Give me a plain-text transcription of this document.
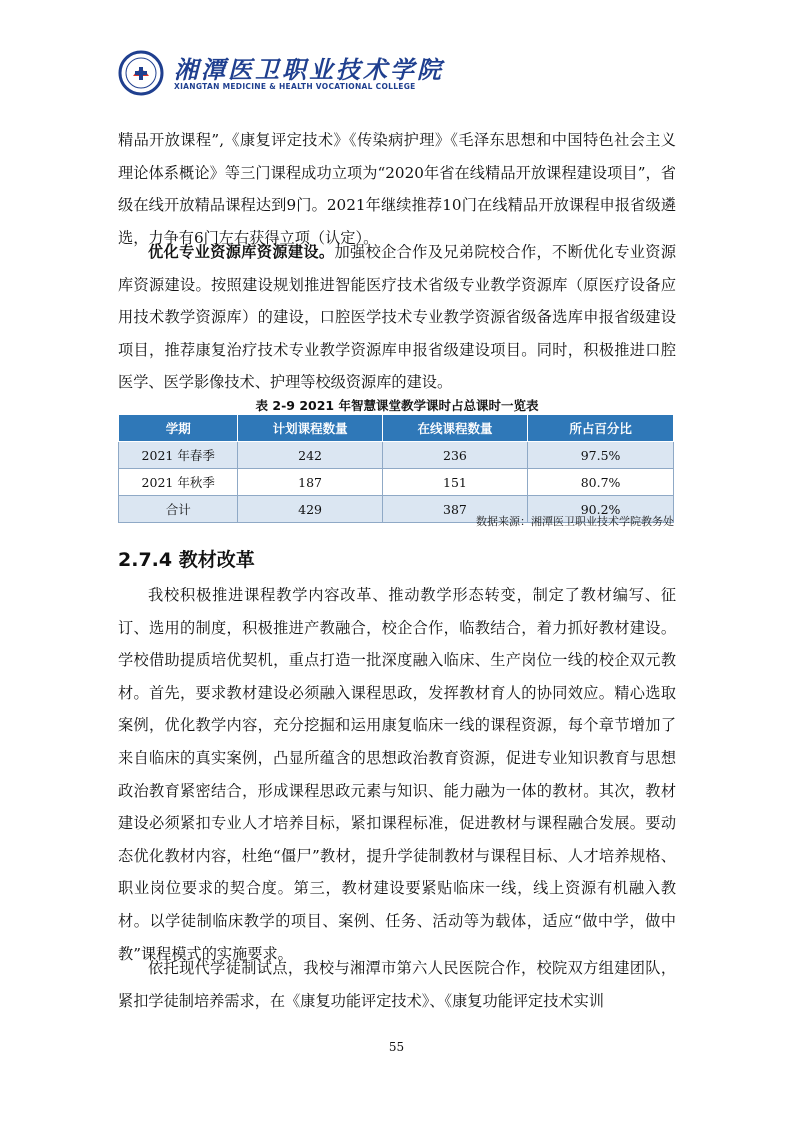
湘潭医卫职业技术学院
XIANGTAN MEDICINE & HEALTH VOCATIONAL COLLEGE
精品开放课程”,《康复评定技术》《传染病护理》《毛泽东思想和中国特色社会主义理论体系概论》等三门课程成功立项为“2020年省在线精品开放课程建设项目”，省级在线开放精品课程达到9门。2021年继续推荐10门在线精品开放课程申报省级遴选，力争有6门左右获得立项（认定）。
优化专业资源库资源建设。加强校企合作及兄弟院校合作，不断优化专业资源库资源建设。按照建设规划推进智能医疗技术省级专业教学资源库（原医疗设备应用技术教学资源库）的建设，口腔医学技术专业教学资源省级备选库申报省级建设项目，推荐康复治疗技术专业教学资源库申报省级建设项目。同时，积极推进口腔医学、医学影像技术、护理等校级资源库的建设。
表 2-9 2021 年智慧课堂教学课时占总课时一览表
学期	计划课程数量	在线课程数量	所占百分比
2021 年春季	242	236	97.5%
2021 年秋季	187	151	80.7%
合计	429	387	90.2%
数据来源：湘潭医卫职业技术学院教务处
2.7.4 教材改革
我校积极推进课程教学内容改革、推动教学形态转变，制定了教材编写、征订、选用的制度，积极推进产教融合，校企合作，临教结合，着力抓好教材建设。学校借助提质培优契机，重点打造一批深度融入临床、生产岗位一线的校企双元教材。首先，要求教材建设必须融入课程思政，发挥教材育人的协同效应。精心选取案例，优化教学内容，充分挖掘和运用康复临床一线的课程资源，每个章节增加了来自临床的真实案例，凸显所蕴含的思想政治教育资源，促进专业知识教育与思想政治教育紧密结合，形成课程思政元素与知识、能力融为一体的教材。其次，教材建设必须紧扣专业人才培养目标，紧扣课程标准，促进教材与课程融合发展。要动态优化教材内容，杜绝“僵尸”教材，提升学徒制教材与课程目标、人才培养规格、职业岗位要求的契合度。第三，教材建设要紧贴临床一线，线上资源有机融入教材。以学徒制临床教学的项目、案例、任务、活动等为载体，适应“做中学，做中教”课程模式的实施要求。
依托现代学徒制试点，我校与湘潭市第六人民医院合作，校院双方组建团队，紧扣学徒制培养需求，在《康复功能评定技术》、《康复功能评定技术实训
55
